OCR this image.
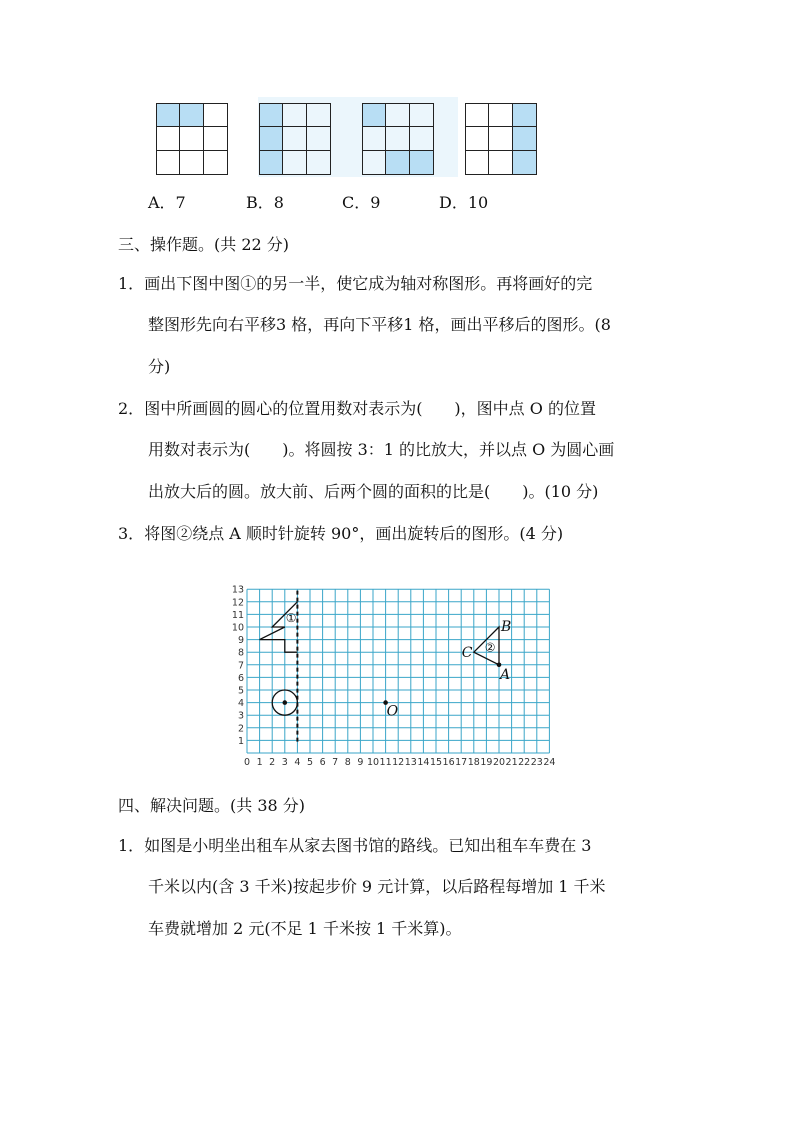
A．7	B．8	C．9	D．10
三、操作题。(共 22 分)
1．画出下图中图①的另一半，使它成为轴对称图形。再将画好的完
整图形先向右平移3 格，再向下平移1 格，画出平移后的图形。(8
分)
2．图中所画圆的圆心的位置用数对表示为(　　)，图中点 O 的位置
用数对表示为(　　)。将圆按 3：1 的比放大，并以点 O 为圆心画
出放大后的圆。放大前、后两个圆的面积的比是(　　)。(10 分)
3．将图②绕点 A 顺时针旋转 90°，画出旋转后的图形。(4 分)
0 1 2 3 4 5 6 7 8 9 10 11 12 13 14 15 16 17 18 19 20 21 22 23 24
1
2
3
4
5
6
7
8
9
10
11
12
13
①
O
A
B
C ②
四、解决问题。(共 38 分)
1．如图是小明坐出租车从家去图书馆的路线。已知出租车车费在 3
千米以内(含 3 千米)按起步价 9 元计算，以后路程每增加 1 千米
车费就增加 2 元(不足 1 千米按 1 千米算)。
